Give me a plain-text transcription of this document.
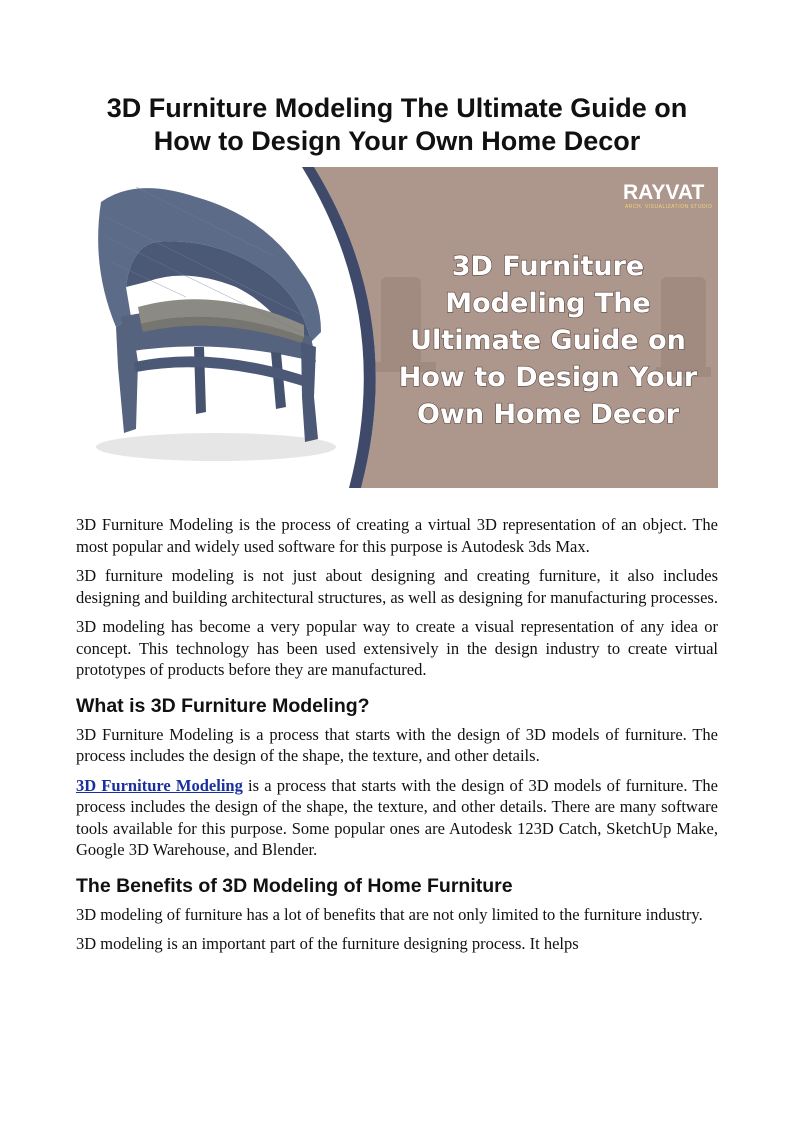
3D Furniture Modeling The Ultimate Guide on
How to Design Your Own Home Decor
RAYVAT
ARCH. VISUALIZATION STUDIO
3D Furniture
Modeling The
Ultimate Guide on
How to Design Your
Own Home Decor

3D Furniture Modeling is the process of creating a virtual 3D representation of an object. The most popular and widely used software for this purpose is Autodesk 3ds Max.

3D furniture modeling is not just about designing and creating furniture, it also includes designing and building architectural structures, as well as designing for manufacturing processes.

3D modeling has become a very popular way to create a visual representation of any idea or concept. This technology has been used extensively in the design industry to create virtual prototypes of products before they are manufactured.

What is 3D Furniture Modeling?

3D Furniture Modeling is a process that starts with the design of 3D models of furniture. The process includes the design of the shape, the texture, and other details.

3D Furniture Modeling is a process that starts with the design of 3D models of furniture. The process includes the design of the shape, the texture, and other details. There are many software tools available for this purpose. Some popular ones are Autodesk 123D Catch, SketchUp Make, Google 3D Warehouse, and Blender.

The Benefits of 3D Modeling of Home Furniture

3D modeling of furniture has a lot of benefits that are not only limited to the furniture industry.

3D modeling is an important part of the furniture designing process. It helps
